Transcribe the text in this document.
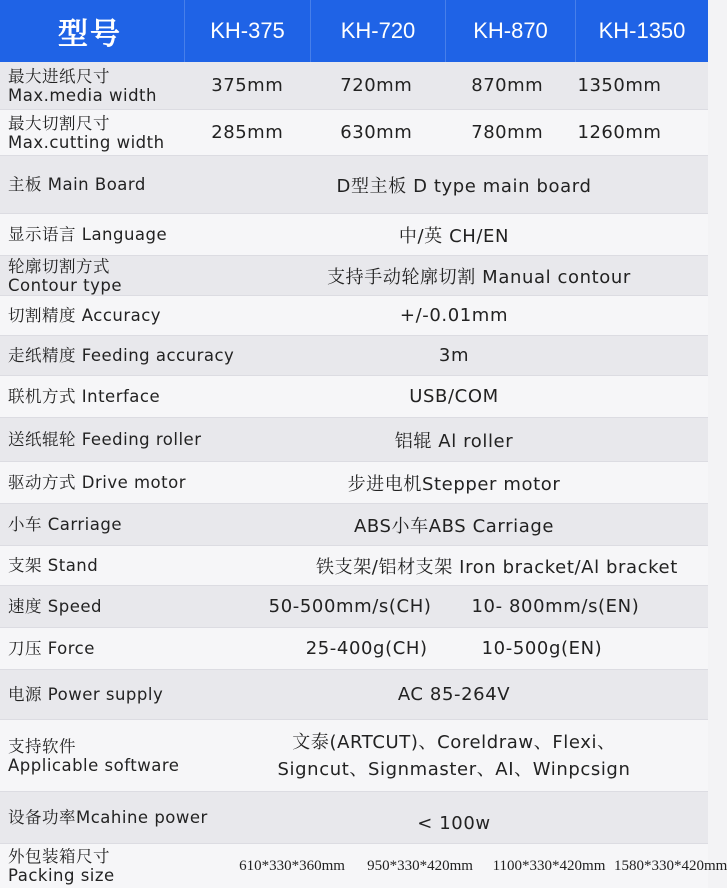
型号	KH-375	KH-720	KH-870	KH-1350
最大进纸尺寸
Max.media width	375mm	720mm	870mm	1350mm
最大切割尺寸
Max.cutting width	285mm	630mm	780mm	1260mm
主板 Main Board	D型主板 D type main board
显示语言 Language	中/英 CH/EN
轮廓切割方式
Contour type	支持手动轮廓切割 Manual contour
切割精度 Accuracy	+/-0.01mm
走纸精度 Feeding accuracy	3m
联机方式 Interface	USB/COM
送纸辊轮 Feeding roller	铝辊 Al roller
驱动方式 Drive motor	步进电机Stepper motor
小车 Carriage	ABS小车ABS Carriage
支架 Stand	铁支架/铝材支架 Iron bracket/Al bracket
速度 Speed	50-500mm/s(CH) 10- 800mm/s(EN)
刀压 Force	25-400g(CH)	10-500g(EN)
电源 Power supply	AC 85-264V
支持软件
Applicable software
文泰(ARTCUT)、Coreldraw、Flexi、
Signcut、Signmaster、AI、Winpcsign
设备功率Mcahine power	< 100w
外包装箱尺寸
Packing size
610*330*360mm	950*330*420mm	1100*330*420mm 1580*330*420mm
